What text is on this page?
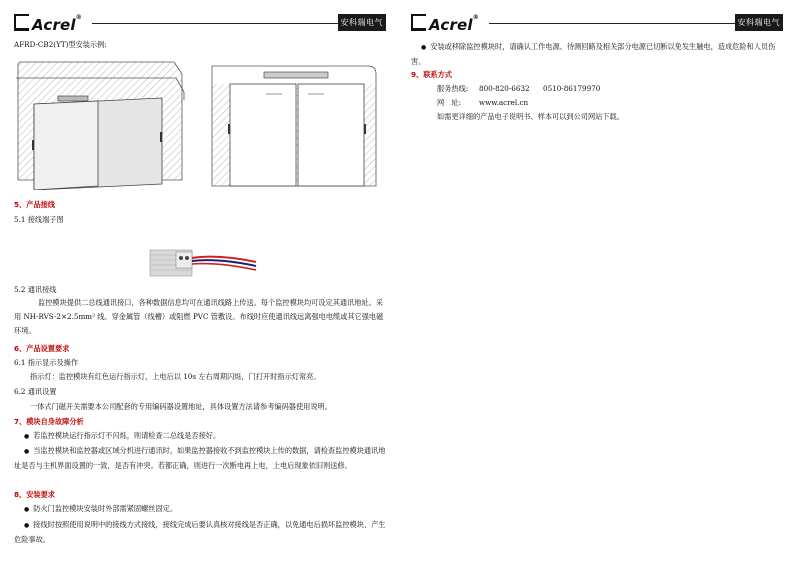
Acrel®
安科瑞电气
AFRD-CB2(YT)型安装示例:
5、产品接线
5.1 接线端子图
5.2 通讯接线
监控模块提供二总线通讯接口，各种数据信息均可在通讯线路上传送。每个监控模块均可设定其通讯地址。采用 NH-RVS-2×2.5mm² 线。穿金属管（线槽）或阻燃 PVC 管敷设。布线时应使通讯线远离强电电缆或其它强电磁环境。
6、产品设置要求
6.1 指示显示及操作
指示灯：监控模块有红色运行指示灯，上电后以 10s 左右周期闪烁，门打开时指示灯常亮。
6.2 通讯设置
一体式门磁开关需要本公司配套的专用编码器设置地址，具体设置方法请参考编码器使用说明。
7、模块自身故障分析
● 若监控模块运行指示灯不闪烁，则请检查二总线是否接好。
● 当监控模块和监控器或区域分机进行通讯时，如果监控器接收不到监控模块上传的数据，请检查监控模块通讯地址是否与主机界面设置的一致，是否有冲突。若都正确，则进行一次断电再上电，上电后现象依旧则送修。
8、安装要求
● 防火门监控模块安装时外部需紧固螺丝固定。
● 接线时按照使用说明中的接线方式接线，接线完成后要认真核对接线是否正确，以免通电后损坏监控模块、产生危险事故。
Acrel®
安科瑞电气
● 安装或移除监控模块时，请确认工作电源、待测回路及相关部分电源已切断以免发生触电，造成危险和人员伤害。
9、联系方式
服务热线: 800-820-6632 0510-86179970
网　址:	www.acrel.cn
如需更详细的产品电子说明书、样本可以到公司网站下载。
